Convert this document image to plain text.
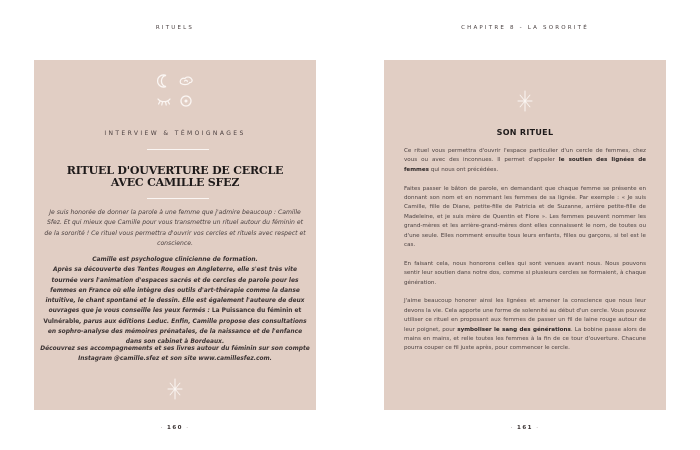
RITUELS
INTERVIEW & TÉMOIGNAGES
RITUEL D'OUVERTURE DE CERCLE
AVEC CAMILLE SFEZ
Je suis honorée de donner la parole à une femme que j'admire beaucoup : Camille Sfez. Et qui mieux que Camille pour vous transmettre un rituel autour du féminin et de la sororité ! Ce rituel vous permettra d'ouvrir vos cercles et rituels avec respect et conscience.
Camille est psychologue clinicienne de formation.
Après sa découverte des Tentes Rouges en Angleterre, elle s'est très vite tournée vers l'animation d'espaces sacrés et de cercles de parole pour les femmes en France où elle intègre des outils d'art-thérapie comme la danse intuitive, le chant spontané et le dessin. Elle est également l'auteure de deux ouvrages que je vous conseille les yeux fermés : La Puissance du féminin et Vulnérable, parus aux éditions Leduc. Enfin, Camille propose des consultations en sophro-analyse des mémoires prénatales, de la naissance et de l'enfance dans son cabinet à Bordeaux.
Découvrez ses accompagnements et ses livres autour du féminin sur son compte Instagram @camille.sfez et son site www.camillesfez.com.
· 160 ·
CHAPITRE 8 - LA SORORITÉ
SON RITUEL

Ce rituel vous permettra d'ouvrir l'espace particulier d'un cercle de femmes, chez vous ou avec des inconnues. Il permet d'appeler le soutien des lignées de femmes qui nous ont précédées.

Faites passer le bâton de parole, en demandant que chaque femme se présente en donnant son nom et en nommant les femmes de sa lignée. Par exemple : « Je suis Camille, fille de Diane, petite-fille de Patricia et de Suzanne, arrière petite-fille de Madeleine, et je suis mère de Quentin et Flore ». Les femmes peuvent nommer les grand-mères et les arrière-grand-mères dont elles connaissent le nom, de toutes ou d'une seule. Elles nomment ensuite tous leurs enfants, filles ou garçons, si tel est le cas.

En faisant cela, nous honorons celles qui sont venues avant nous. Nous pouvons sentir leur soutien dans notre dos, comme si plusieurs cercles se formaient, à chaque génération.

J'aime beaucoup honorer ainsi les lignées et amener la conscience que nous leur devons la vie. Cela apporte une forme de solennité au début d'un cercle. Vous pouvez utiliser ce rituel en proposant aux femmes de passer un fil de laine rouge autour de leur poignet, pour symboliser le sang des générations. La bobine passe alors de mains en mains, et relie toutes les femmes à la fin de ce tour d'ouverture. Chacune pourra couper ce fil juste après, pour commencer le cercle.

· 161 ·
